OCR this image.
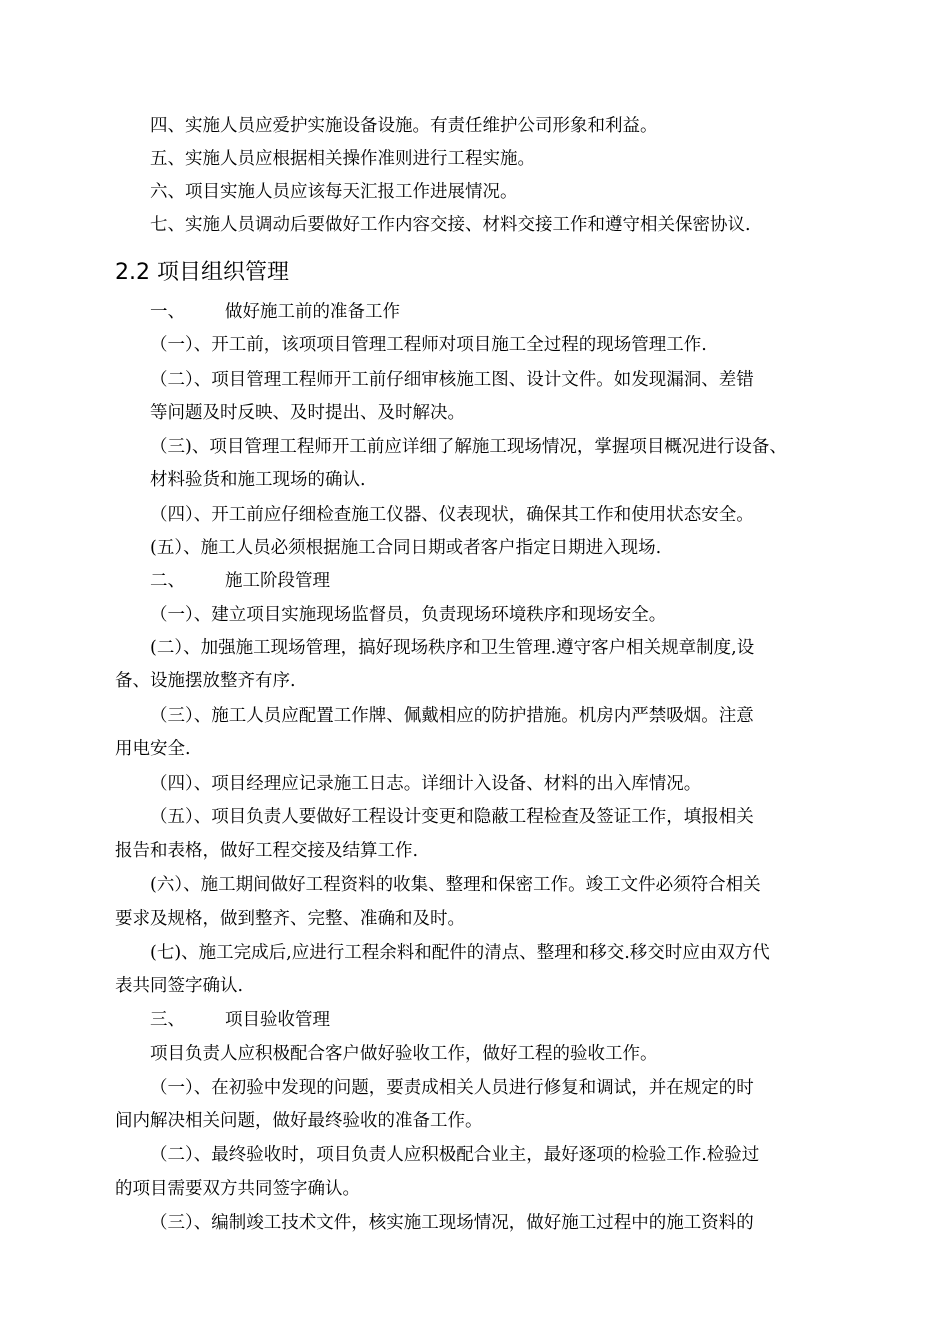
四、实施人员应爱护实施设备设施。有责任维护公司形象和利益。
五、实施人员应根据相关操作准则进行工程实施。
六、项目实施人员应该每天汇报工作进展情况。
七、实施人员调动后要做好工作内容交接、材料交接工作和遵守相关保密协议.
2.2 项目组织管理
一、 做好施工前的准备工作
（一）、开工前，该项项目管理工程师对项目施工全过程的现场管理工作.
（二）、项目管理工程师开工前仔细审核施工图、设计文件。如发现漏洞、差错
等问题及时反映、及时提出、及时解决。
（三)、项目管理工程师开工前应详细了解施工现场情况，掌握项目概况进行设备、
材料验货和施工现场的确认.
（四）、开工前应仔细检查施工仪器、仪表现状，确保其工作和使用状态安全。
(五）、施工人员必须根据施工合同日期或者客户指定日期进入现场.
二、 施工阶段管理
（一）、建立项目实施现场监督员，负责现场环境秩序和现场安全。
(二）、加强施工现场管理，搞好现场秩序和卫生管理.遵守客户相关规章制度,设
备、设施摆放整齐有序.
（三）、施工人员应配置工作牌、佩戴相应的防护措施。机房内严禁吸烟。注意
用电安全.
（四）、项目经理应记录施工日志。详细计入设备、材料的出入库情况。
（五）、项目负责人要做好工程设计变更和隐蔽工程检查及签证工作，填报相关
报告和表格，做好工程交接及结算工作.
(六）、施工期间做好工程资料的收集、整理和保密工作。竣工文件必须符合相关
要求及规格，做到整齐、完整、准确和及时。
(七)、施工完成后,应进行工程余料和配件的清点、整理和移交.移交时应由双方代
表共同签字确认.
三、 项目验收管理
项目负责人应积极配合客户做好验收工作，做好工程的验收工作。
（一）、在初验中发现的问题，要责成相关人员进行修复和调试，并在规定的时
间内解决相关问题，做好最终验收的准备工作。
（二）、最终验收时，项目负责人应积极配合业主，最好逐项的检验工作.检验过
的项目需要双方共同签字确认。
（三）、编制竣工技术文件，核实施工现场情况，做好施工过程中的施工资料的
